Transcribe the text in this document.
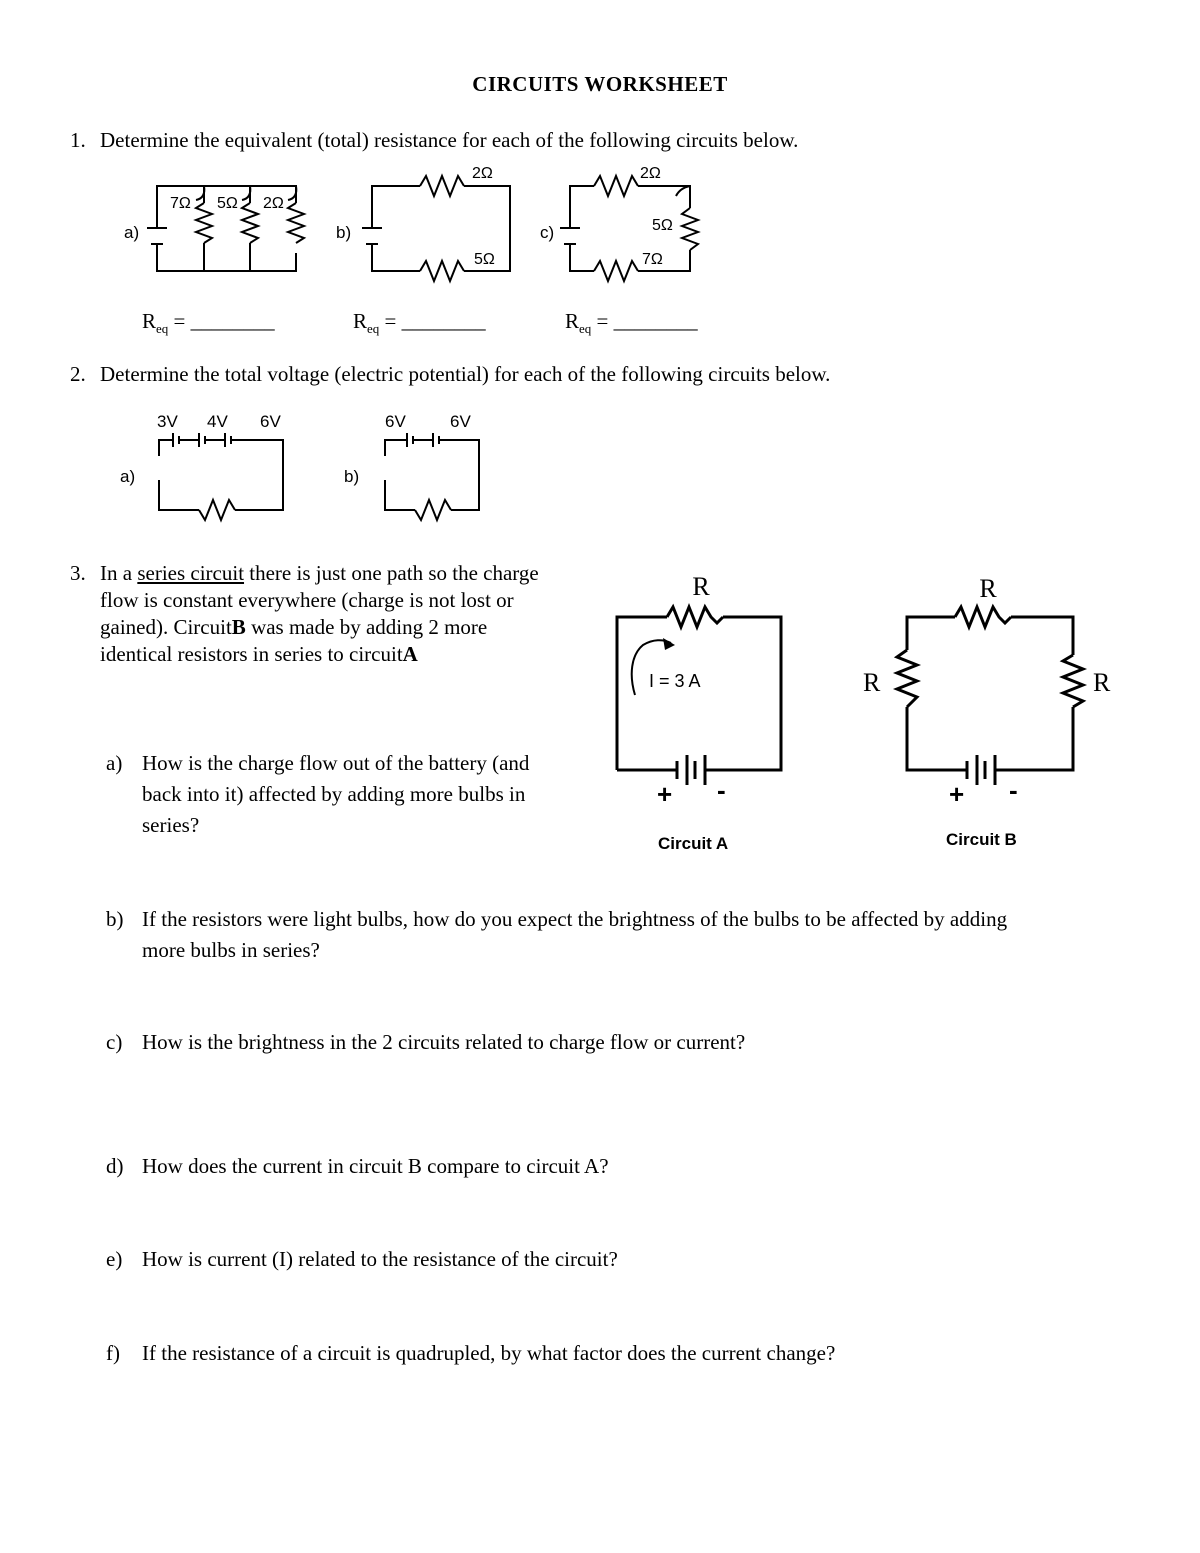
CIRCUITS WORKSHEET
1. Determine the equivalent (total) resistance for each of the following circuits below.
a)
7Ω 5Ω 2Ω
b)
2Ω
5Ω
c)
2Ω
5Ω
7Ω
$R_{eq}$ = ________	$R_{eq}$ = ________	$R_{eq}$ = ________
2. Determine the total voltage (electric potential) for each of the following circuits below.
3V 4V 6V
a)
6V	6V
b)
3. In a series circuit there is just one path so the charge
flow is constant everywhere (charge is not lost or
gained). CircuitB was made by adding 2 more
identical resistors in series to circuitA
R
I = 3 A
+ -
Circuit A
R
R	R
+ -
Circuit B
a) How is the charge flow out of the battery (and
back into it) affected by adding more bulbs in
series?
b) If the resistors were light bulbs, how do you expect the brightness of the bulbs to be affected by adding
more bulbs in series?
c) How is the brightness in the 2 circuits related to charge flow or current?
d) How does the current in circuit B compare to circuit A?
e) How is current (I) related to the resistance of the circuit?
f) If the resistance of a circuit is quadrupled, by what factor does the current change?
